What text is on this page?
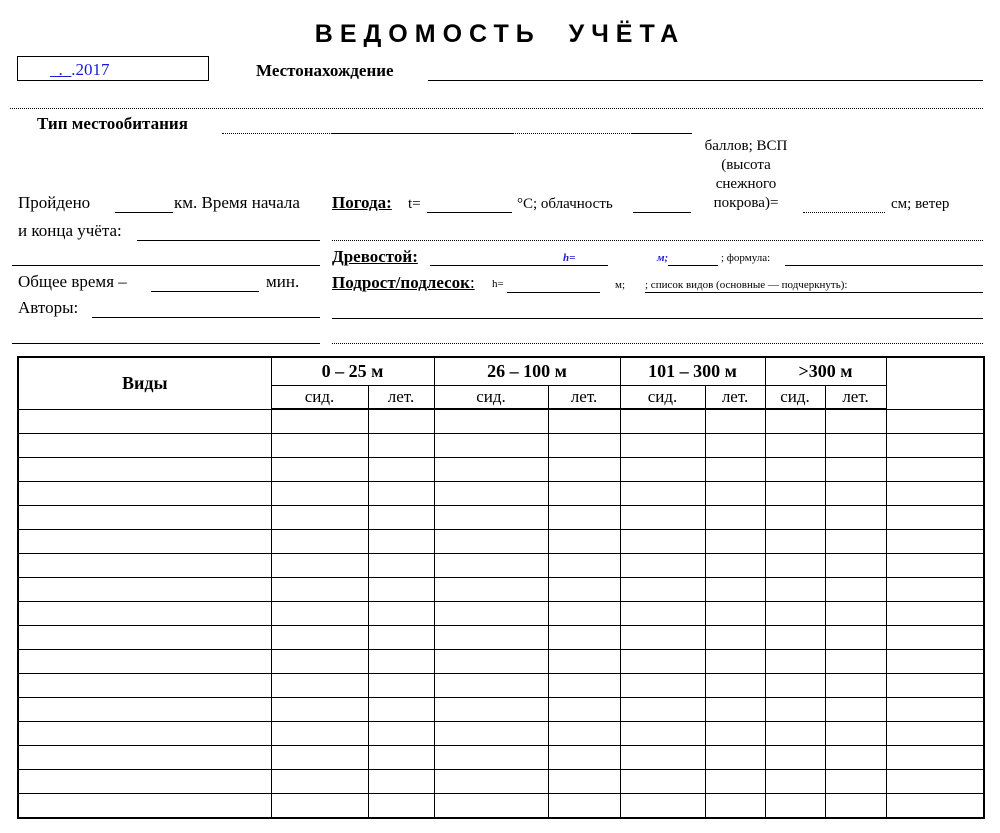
ВЕДОМОСТЬ УЧЁТА
_._.2017	Местонахождение
Тип местообитания
Пройдено	км. Время начала
и конца учёта:
Общее время –	мин.
Авторы:
Погода: t=	°С; облачность
баллов; ВСП
(высота
снежного
покрова)=	см; ветер
Древостой:	h=	м;	; формула:
Подрост/подлесок: h=	м; ; список видов (основные — подчеркнуть):
Виды	0 – 25 м		26 – 100 м		101 – 300 м		>300 м		
	сид.	лет.	сид.	лет.	сид.	лет.	сид.	лет.	
